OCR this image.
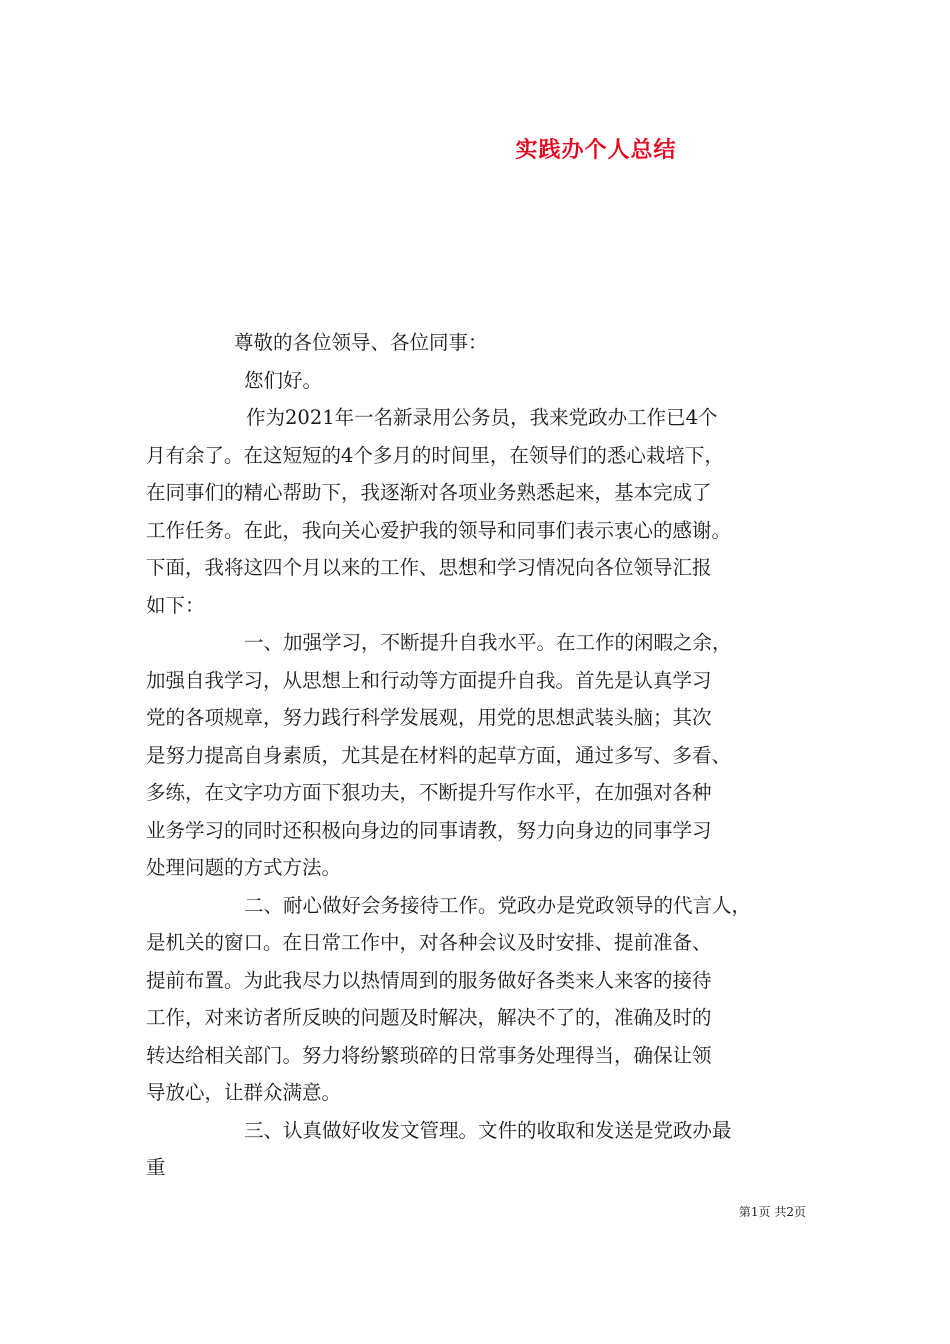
实践办个人总结
尊敬的各位领导、各位同事：
您们好。
作为2021年一名新录用公务员，我来党政办工作已4个
月有余了。在这短短的4个多月的时间里，在领导们的悉心栽培下，
在同事们的精心帮助下，我逐渐对各项业务熟悉起来，基本完成了
工作任务。在此，我向关心爱护我的领导和同事们表示衷心的感谢。
下面，我将这四个月以来的工作、思想和学习情况向各位领导汇报
如下：
一、加强学习，不断提升自我水平。在工作的闲暇之余，
加强自我学习，从思想上和行动等方面提升自我。首先是认真学习
党的各项规章，努力践行科学发展观，用党的思想武装头脑；其次
是努力提高自身素质，尤其是在材料的起草方面，通过多写、多看、
多练，在文字功方面下狠功夫，不断提升写作水平，在加强对各种
业务学习的同时还积极向身边的同事请教，努力向身边的同事学习
处理问题的方式方法。
二、耐心做好会务接待工作。党政办是党政领导的代言人，
是机关的窗口。在日常工作中，对各种会议及时安排、提前准备、
提前布置。为此我尽力以热情周到的服务做好各类来人来客的接待
工作，对来访者所反映的问题及时解决，解决不了的，准确及时的
转达给相关部门。努力将纷繁琐碎的日常事务处理得当，确保让领
导放心，让群众满意。
三、认真做好收发文管理。文件的收取和发送是党政办最
重
第1页 共2页
